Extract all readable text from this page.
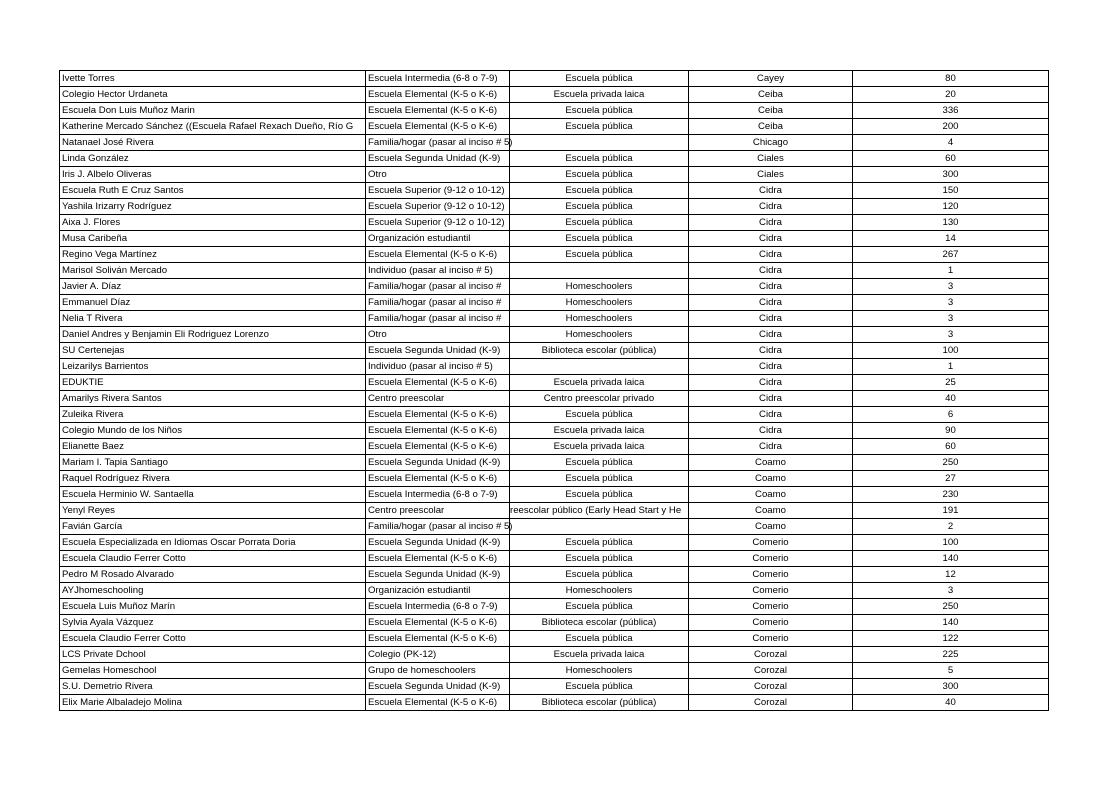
Ivette Torres	Escuela Intermedia (6-8 o 7-9)	Escuela pública	Cayey	80
Colegio Hector Urdaneta	Escuela Elemental (K-5 o K-6)	Escuela privada laica	Ceiba	20
Escuela Don Luis Muñoz Marin	Escuela Elemental (K-5 o K-6)	Escuela pública	Ceiba	336
Katherine Mercado Sánchez ((Escuela Rafael Rexach Dueño, Río G	Escuela Elemental (K-5 o K-6)	Escuela pública	Ceiba	200
Natanael José Rivera	Familia/hogar (pasar al inciso # 5)		Chicago	4
Linda González	Escuela Segunda Unidad (K-9)	Escuela pública	Ciales	60
Iris J. Albelo Oliveras	Otro	Escuela pública	Ciales	300
Escuela Ruth E Cruz Santos	Escuela Superior (9-12 o 10-12)	Escuela pública	Cidra	150
Yashila Irizarry Rodríguez	Escuela Superior (9-12 o 10-12)	Escuela pública	Cidra	120
Aixa J. Flores	Escuela Superior (9-12 o 10-12)	Escuela pública	Cidra	130
Musa Caribeña	Organización estudiantil	Escuela pública	Cidra	14
Regino Vega Martínez	Escuela Elemental (K-5 o K-6)	Escuela pública	Cidra	267
Marisol Soliván Mercado	Individuo (pasar al inciso # 5)		Cidra	1
Javier A. Díaz	Familia/hogar (pasar al inciso #	Homeschoolers	Cidra	3
Emmanuel Díaz	Familia/hogar (pasar al inciso #	Homeschoolers	Cidra	3
Nelia T Rivera	Familia/hogar (pasar al inciso #	Homeschoolers	Cidra	3
Daniel Andres y Benjamin Eli Rodriguez Lorenzo	Otro	Homeschoolers	Cidra	3
SU Certenejas	Escuela Segunda Unidad (K-9)	Biblioteca escolar (pública)	Cidra	100
Leizarilys Barrientos	Individuo (pasar al inciso # 5)		Cidra	1
EDUKTIE	Escuela Elemental (K-5 o K-6)	Escuela privada laica	Cidra	25
Amarilys Rivera Santos	Centro preescolar	Centro preescolar privado	Cidra	40
Zuleika Rivera	Escuela Elemental (K-5 o K-6)	Escuela pública	Cidra	6
Colegio Mundo de los Niños	Escuela Elemental (K-5 o K-6)	Escuela privada laica	Cidra	90
Elianette Baez	Escuela Elemental (K-5 o K-6)	Escuela privada laica	Cidra	60
Mariam I. Tapia Santiago	Escuela Segunda Unidad (K-9)	Escuela pública	Coamo	250
Raquel Rodríguez Rivera	Escuela Elemental (K-5 o K-6)	Escuela pública	Coamo	27
Escuela Herminio W. Santaella	Escuela Intermedia (6-8 o 7-9)	Escuela pública	Coamo	230
Yenyl Reyes	Centro preescolar	reescolar público (Early Head Start y He	Coamo	191
Favián García	Familia/hogar (pasar al inciso # 5)		Coamo	2
Escuela Especializada en Idiomas Oscar Porrata Doria	Escuela Segunda Unidad (K-9)	Escuela pública	Comerio	100
Escuela Claudio Ferrer Cotto	Escuela Elemental (K-5 o K-6)	Escuela pública	Comerio	140
Pedro M Rosado Alvarado	Escuela Segunda Unidad (K-9)	Escuela pública	Comerio	12
AYJhomeschooling	Organización estudiantil	Homeschoolers	Comerio	3
Escuela Luis Muñoz Marín	Escuela Intermedia (6-8 o 7-9)	Escuela pública	Comerio	250
Sylvia Ayala Vázquez	Escuela Elemental (K-5 o K-6)	Biblioteca escolar (pública)	Comerio	140
Escuela Claudio Ferrer Cotto	Escuela Elemental (K-5 o K-6)	Escuela pública	Comerio	122
LCS Private Dchool	Colegio (PK-12)	Escuela privada laica	Corozal	225
Gemelas Homeschool	Grupo de homeschoolers	Homeschoolers	Corozal	5
S.U. Demetrio Rivera	Escuela Segunda Unidad (K-9)	Escuela pública	Corozal	300
Elix Marie Albaladejo Molina	Escuela Elemental (K-5 o K-6)	Biblioteca escolar (pública)	Corozal	40
